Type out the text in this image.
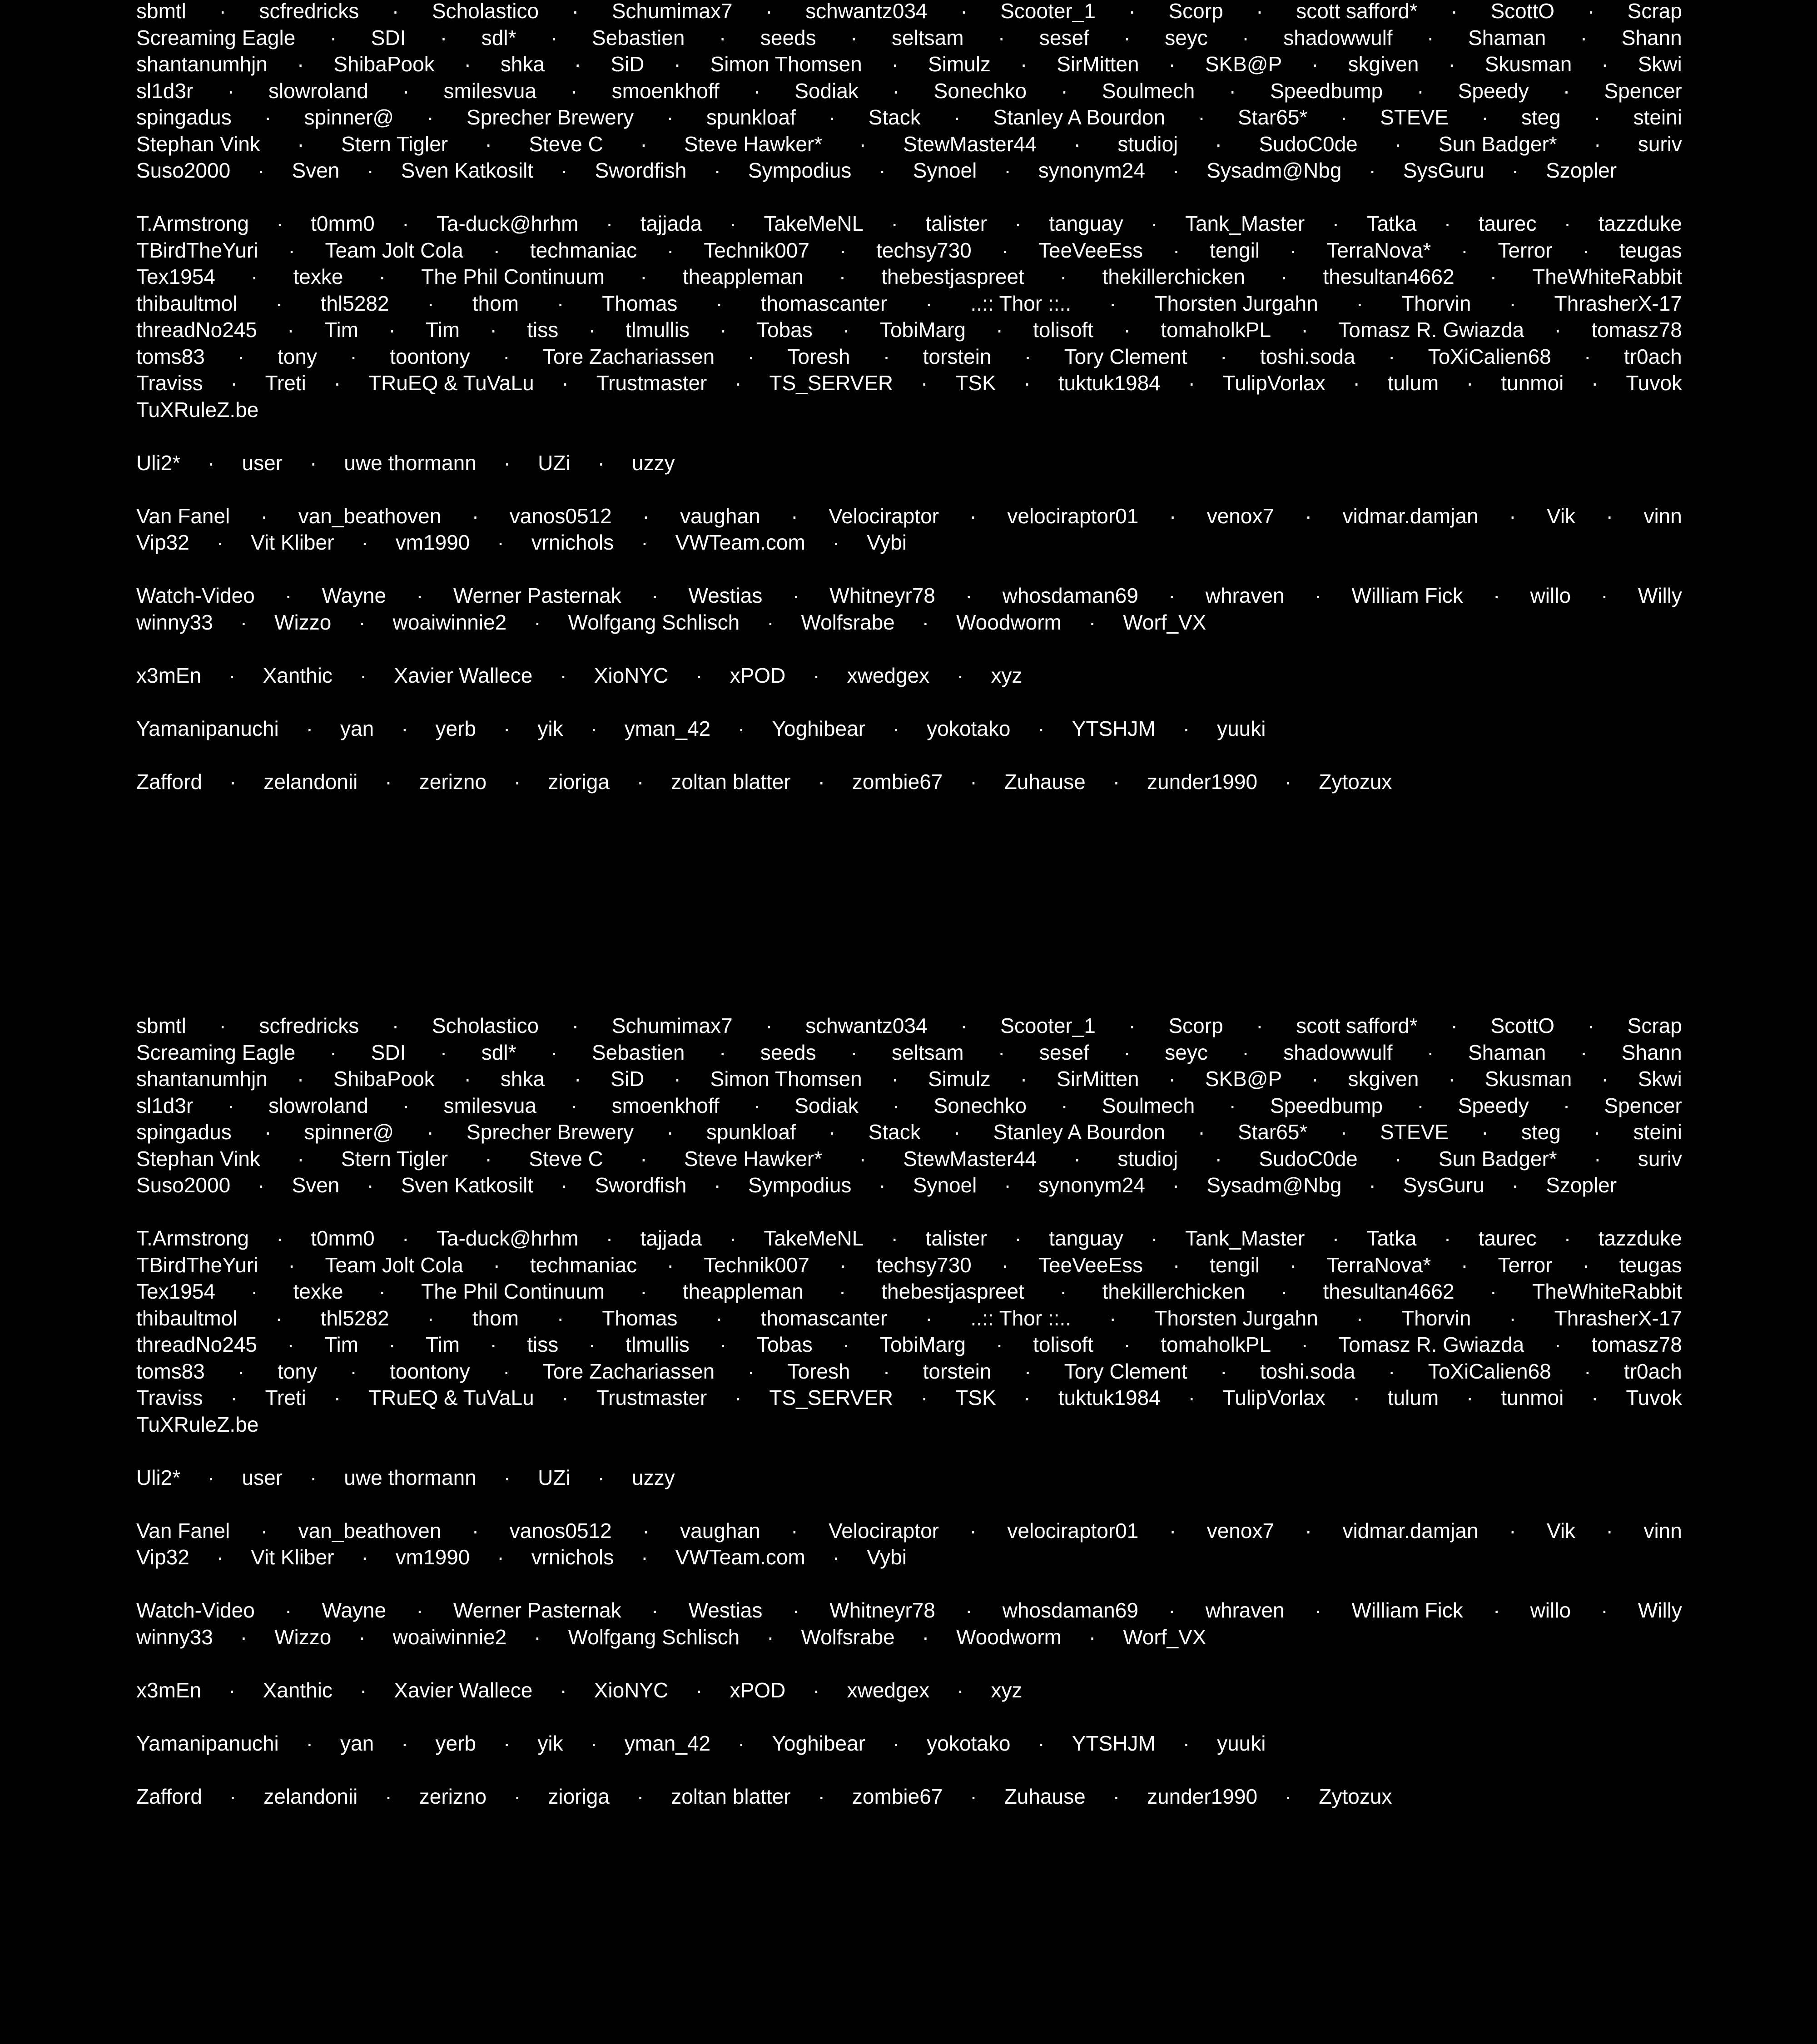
sbmtl · scfredricks · Scholastico · Schumimax7 · schwantz034 · Scooter_1 · Scorp · scott safford* · ScottO · Scrap
Screaming Eagle · SDI · sdl* · Sebastien · seeds · seltsam · sesef · seyc · shadowwulf · Shaman · Shann
shantanumhjn · ShibaPook · shka · SiD · Simon Thomsen · Simulz · SirMitten · SKB@P · skgiven · Skusman · Skwi
sl1d3r · slowroland · smilesvua · smoenkhoff · Sodiak · Sonechko · Soulmech · Speedbump · Speedy · Spencer
spingadus · spinner@ · Sprecher Brewery · spunkloaf · Stack · Stanley A Bourdon · Star65* · STEVE · steg · steini
Stephan Vink · Stern Tigler · Steve C · Steve Hawker* · StewMaster44 · studioj · SudoC0de · Sun Badger* · suriv
Suso2000 · Sven · Sven Katkosilt · Swordfish · Sympodius · Synoel · synonym24 · Sysadm@Nbg · SysGuru · Szopler
T.Armstrong · t0mm0 · Ta-duck@hrhm · tajjada · TakeMeNL · talister · tanguay · Tank_Master · Tatka · taurec · tazzduke
TBirdTheYuri · Team Jolt Cola · techmaniac · Technik007 · techsy730 · TeeVeeEss · tengil · TerraNova* · Terror · teugas
Tex1954 · texke · The Phil Continuum · theappleman · thebestjaspreet · thekillerchicken · thesultan4662 · TheWhiteRabbit
thibaultmol · thl5282 · thom · Thomas · thomascanter · ..:: Thor ::.. · Thorsten Jurgahn · Thorvin · ThrasherX-17
threadNo245 · Tim · Tim · tiss · tlmullis · Tobas · TobiMarg · tolisoft · tomaholkPL · Tomasz R. Gwiazda · tomasz78
toms83 · tony · toontony · Tore Zachariassen · Toresh · torstein · Tory Clement · toshi.soda · ToXiCalien68 · tr0ach
Traviss · Treti · TRuEQ & TuVaLu · Trustmaster · TS_SERVER · TSK · tuktuk1984 · TulipVorlax · tulum · tunmoi · Tuvok
TuXRuleZ.be
Uli2* · user · uwe thormann · UZi · uzzy
Van Fanel · van_beathoven · vanos0512 · vaughan · Velociraptor · velociraptor01 · venox7 · vidmar.damjan · Vik · vinn
Vip32 · Vit Kliber · vm1990 · vrnichols · VWTeam.com · Vybi
Watch-Video · Wayne · Werner Pasternak · Westias · Whitneyr78 · whosdaman69 · whraven · William Fick · willo · Willy
winny33 · Wizzo · woaiwinnie2 · Wolfgang Schlisch · Wolfsrabe · Woodworm · Worf_VX
x3mEn · Xanthic · Xavier Wallece · XioNYC · xPOD · xwedgex · xyz
Yamanipanuchi · yan · yerb · yik · yman_42 · Yoghibear · yokotako · YTSHJM · yuuki
Zafford · zelandonii · zerizno · zioriga · zoltan blatter · zombie67 · Zuhause · zunder1990 · Zytozux
sbmtl · scfredricks · Scholastico · Schumimax7 · schwantz034 · Scooter_1 · Scorp · scott safford* · ScottO · Scrap
Screaming Eagle · SDI · sdl* · Sebastien · seeds · seltsam · sesef · seyc · shadowwulf · Shaman · Shann
shantanumhjn · ShibaPook · shka · SiD · Simon Thomsen · Simulz · SirMitten · SKB@P · skgiven · Skusman · Skwi
sl1d3r · slowroland · smilesvua · smoenkhoff · Sodiak · Sonechko · Soulmech · Speedbump · Speedy · Spencer
spingadus · spinner@ · Sprecher Brewery · spunkloaf · Stack · Stanley A Bourdon · Star65* · STEVE · steg · steini
Stephan Vink · Stern Tigler · Steve C · Steve Hawker* · StewMaster44 · studioj · SudoC0de · Sun Badger* · suriv
Suso2000 · Sven · Sven Katkosilt · Swordfish · Sympodius · Synoel · synonym24 · Sysadm@Nbg · SysGuru · Szopler
T.Armstrong · t0mm0 · Ta-duck@hrhm · tajjada · TakeMeNL · talister · tanguay · Tank_Master · Tatka · taurec · tazzduke
TBirdTheYuri · Team Jolt Cola · techmaniac · Technik007 · techsy730 · TeeVeeEss · tengil · TerraNova* · Terror · teugas
Tex1954 · texke · The Phil Continuum · theappleman · thebestjaspreet · thekillerchicken · thesultan4662 · TheWhiteRabbit
thibaultmol · thl5282 · thom · Thomas · thomascanter · ..:: Thor ::.. · Thorsten Jurgahn · Thorvin · ThrasherX-17
threadNo245 · Tim · Tim · tiss · tlmullis · Tobas · TobiMarg · tolisoft · tomaholkPL · Tomasz R. Gwiazda · tomasz78
toms83 · tony · toontony · Tore Zachariassen · Toresh · torstein · Tory Clement · toshi.soda · ToXiCalien68 · tr0ach
Traviss · Treti · TRuEQ & TuVaLu · Trustmaster · TS_SERVER · TSK · tuktuk1984 · TulipVorlax · tulum · tunmoi · Tuvok
TuXRuleZ.be
Uli2* · user · uwe thormann · UZi · uzzy
Van Fanel · van_beathoven · vanos0512 · vaughan · Velociraptor · velociraptor01 · venox7 · vidmar.damjan · Vik · vinn
Vip32 · Vit Kliber · vm1990 · vrnichols · VWTeam.com · Vybi
Watch-Video · Wayne · Werner Pasternak · Westias · Whitneyr78 · whosdaman69 · whraven · William Fick · willo · Willy
winny33 · Wizzo · woaiwinnie2 · Wolfgang Schlisch · Wolfsrabe · Woodworm · Worf_VX
x3mEn · Xanthic · Xavier Wallece · XioNYC · xPOD · xwedgex · xyz
Yamanipanuchi · yan · yerb · yik · yman_42 · Yoghibear · yokotako · YTSHJM · yuuki
Zafford · zelandonii · zerizno · zioriga · zoltan blatter · zombie67 · Zuhause · zunder1990 · Zytozux
